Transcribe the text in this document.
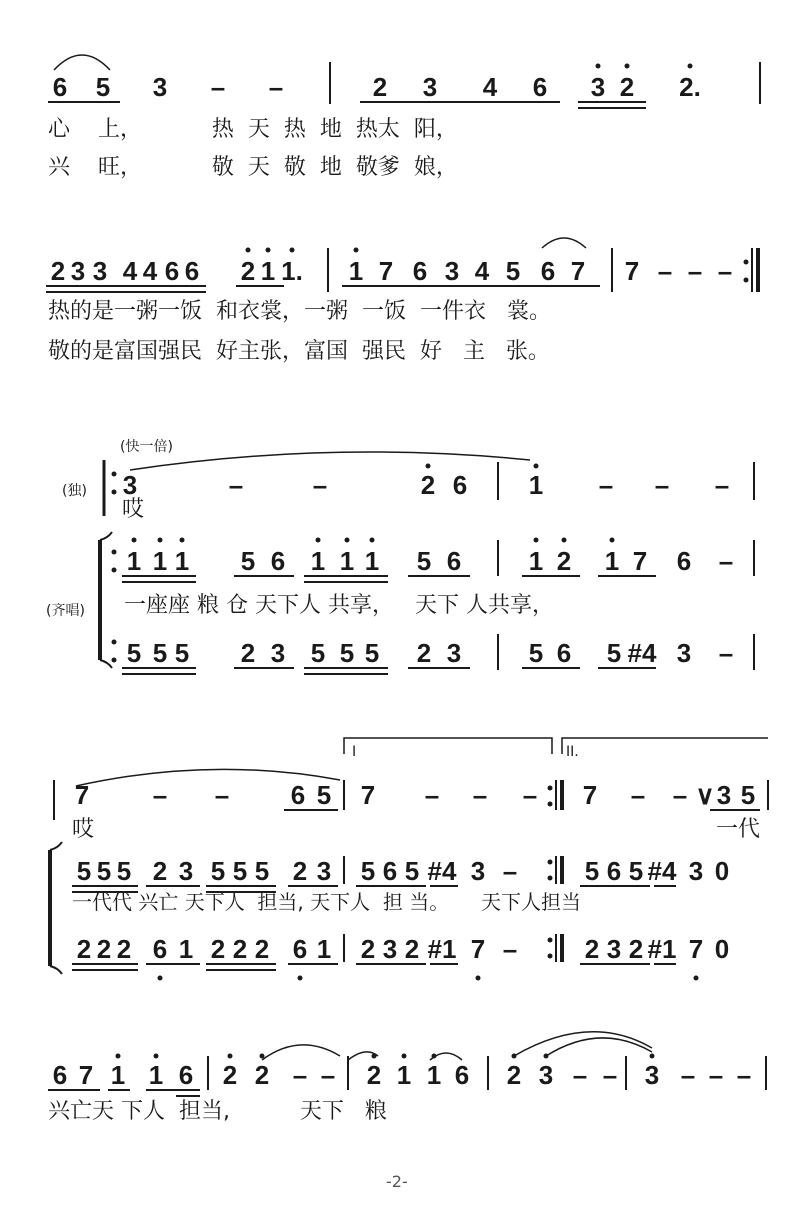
(快一倍)
(独)
(齐唱)
I	II.
心    上，          热  天  热  地  热太  阳，
兴    旺，          敬  天  敬  地  敬爹  娘，
热的是一粥一饭  和衣裳，一粥  一饭  一件衣   裳。
敬的是富国强民  好主张，富国  强民  好   主   张。
哎
一座座 粮 仓 天下人 共享，   天下 人共享，
哎	一代
一代代 兴亡 天下人  担当, 天下人  担 当。     天下人担当
兴亡天 下人  担当,          天下   粮
-2-
6 5 3 – –	2 3 4 6 3 2 2.
2 3 3 4 4 6 6 2 1 1. 1 7 6 3 4 5 6 7 7 – – –
3	–	–	2 6 1 – – –
1 1 1 5 6 1 1 1 5 6	1 2 1 7 6 –
5 5 5 2 3 5 5 5 2 3	5 6 5 #4 3 –
7 – – 6 5 7 – – – 7 – – ∨ 3 5
5 5 5 2 3 5 5 5 2 3 5 6 5 #4 3 –	5 6 5 #4 3 0
2 2 2 6 1 2 2 2 6 1 2 3 2 #1 7 –	2 3 2 #1 7 0
6 7 1 1 6 2 2 – – 2 1 1 6 2 3 – – 3 – – –
